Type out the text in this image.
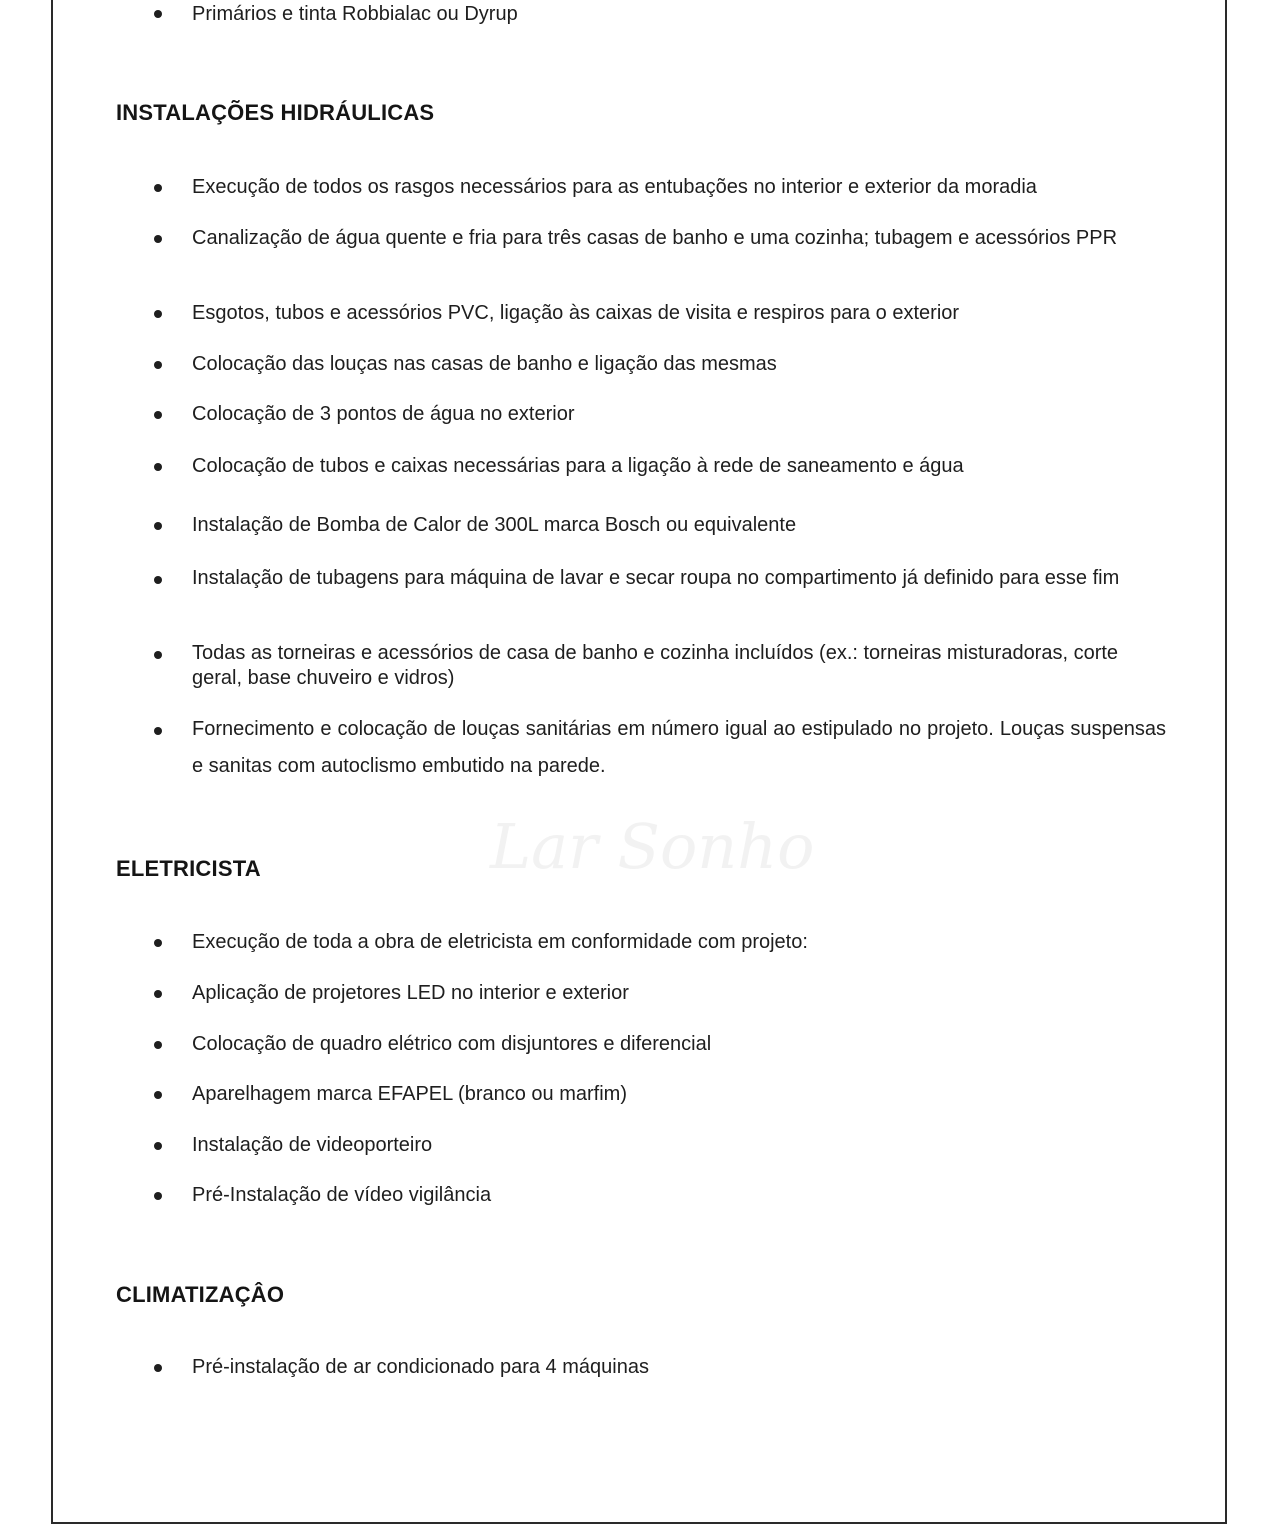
Lar Sonho
Primários e tinta Robbialac ou Dyrup
INSTALAÇÕES HIDRÁULICAS
Execução de todos os rasgos necessários para as entubações no interior e exterior da moradia
Canalização de água quente e fria para três casas de banho e uma cozinha; tubagem e acessórios PPR
Esgotos, tubos e acessórios PVC, ligação às caixas de visita e respiros para o exterior
Colocação das louças nas casas de banho e ligação das mesmas
Colocação de 3 pontos de água no exterior
Colocação de tubos e caixas necessárias para a ligação à rede de saneamento e água
Instalação de Bomba de Calor de 300L marca Bosch ou equivalente
Instalação de tubagens para máquina de lavar e secar roupa no compartimento já definido para esse fim
Todas as torneiras e acessórios de casa de banho e cozinha incluídos (ex.: torneiras misturadoras, corte geral, base chuveiro e vidros)
Fornecimento e colocação de louças sanitárias em número igual ao estipulado no projeto. Louças suspensas e sanitas com autoclismo embutido na parede.
ELETRICISTA
Execução de toda a obra de eletricista em conformidade com projeto:
Aplicação de projetores LED no interior e exterior
Colocação de quadro elétrico com disjuntores e diferencial
Aparelhagem marca EFAPEL (branco ou marfim)
Instalação de videoporteiro
Pré-Instalação de vídeo vigilância
CLIMATIZAÇÂO
Pré-instalação de ar condicionado para 4 máquinas
